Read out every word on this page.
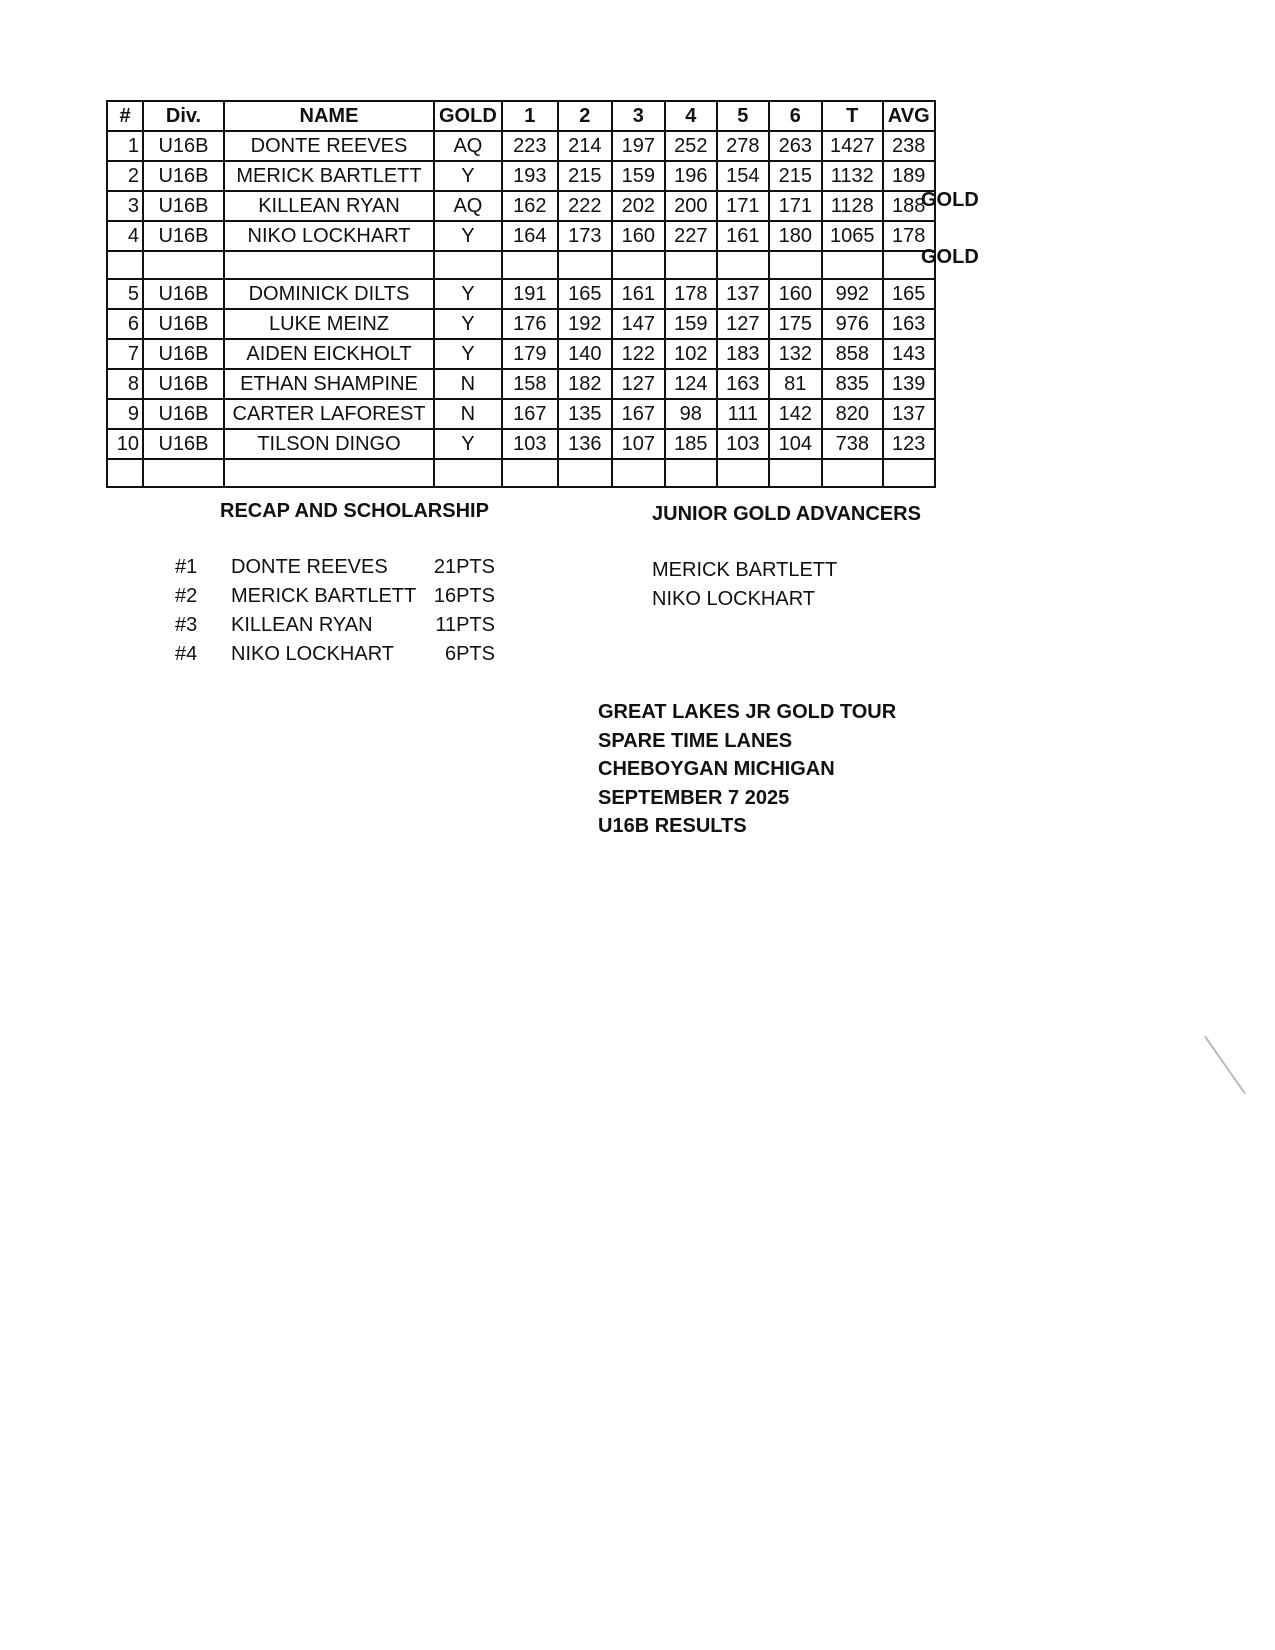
#	Div.	NAME	GOLD	1	2	3	4	5	6	T	AVG
1	U16B	DONTE REEVES	AQ	223	214	197	252	278	263	1427	238
2	U16B	MERICK BARTLETT	Y	193	215	159	196	154	215	1132	189
3	U16B	KILLEAN RYAN	AQ	162	222	202	200	171	171	1128	188
4	U16B	NIKO LOCKHART	Y	164	173	160	227	161	180	1065	178

5	U16B	DOMINICK DILTS	Y	191	165	161	178	137	160	992	165
6	U16B	LUKE MEINZ	Y	176	192	147	159	127	175	976	163
7	U16B	AIDEN EICKHOLT	Y	179	140	122	102	183	132	858	143
8	U16B	ETHAN SHAMPINE	N	158	182	127	124	163	81	835	139
9	U16B	CARTER LAFOREST	N	167	135	167	98	111	142	820	137
10	U16B	TILSON DINGO	Y	103	136	107	185	103	104	738	123

GOLD
GOLD
RECAP AND SCHOLARSHIP
#1 DONTE REEVES	21PTS
#2 MERICK BARTLETT 16PTS
#3 KILLEAN RYAN	11PTS
#4 NIKO LOCKHART	6PTS
JUNIOR GOLD ADVANCERS
MERICK BARTLETT
NIKO LOCKHART
GREAT LAKES JR GOLD TOUR
SPARE TIME LANES
CHEBOYGAN MICHIGAN
SEPTEMBER 7 2025
U16B RESULTS
